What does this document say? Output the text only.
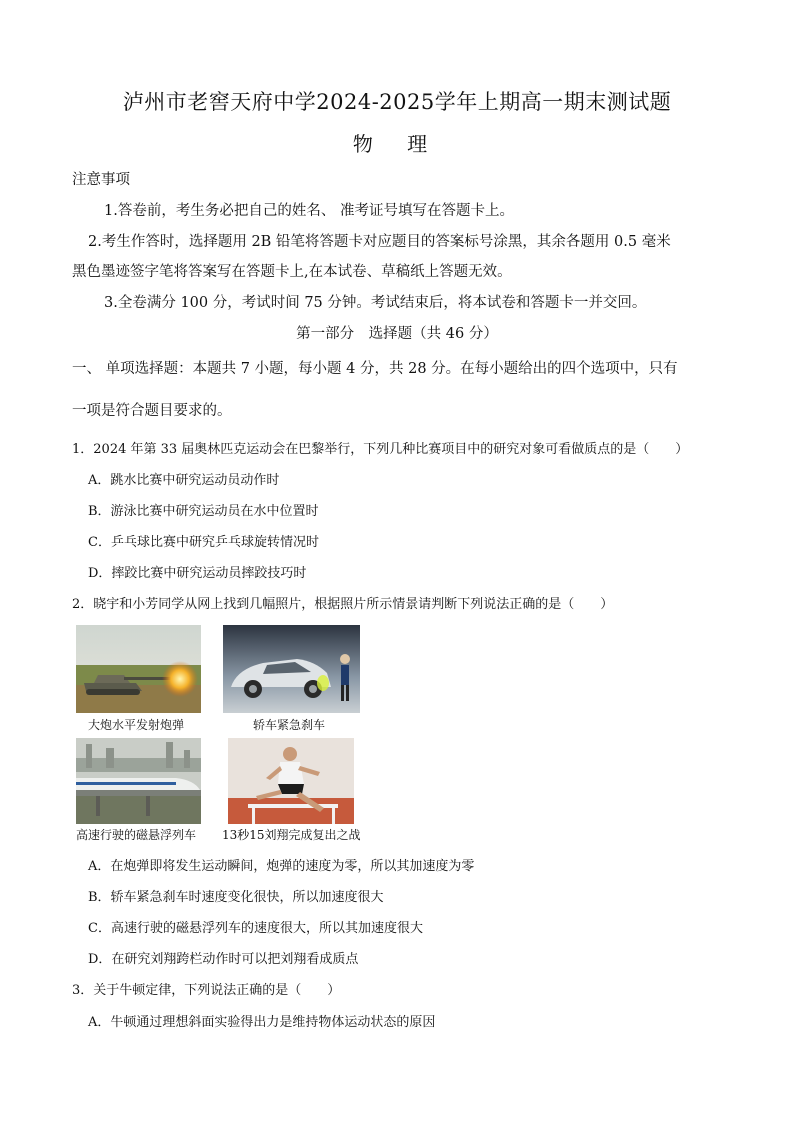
泸州市老窖天府中学2024-2025学年上期高一期末测试题
物 理
注意事项
1.答卷前，考生务必把自己的姓名、 准考证号填写在答题卡上。
2.考生作答时，选择题用 2B 铅笔将答题卡对应题目的答案标号涂黑，其余各题用 0.5 毫米
黑色墨迹签字笔将答案写在答题卡上,在本试卷、草稿纸上答题无效。
3.全卷满分 100 分，考试时间 75 分钟。考试结束后，将本试卷和答题卡一并交回。
第一部分　选择题（共 46 分）
一、 单项选择题：本题共 7 小题，每小题 4 分，共 28 分。在每小题给出的四个选项中，只有
一项是符合题目要求的。
1．2024 年第 33 届奥林匹克运动会在巴黎举行，下列几种比赛项目中的研究对象可看做质点的是（　　）
A．跳水比赛中研究运动员动作时
B．游泳比赛中研究运动员在水中位置时
C．乒乓球比赛中研究乒乓球旋转情况时
D．摔跤比赛中研究运动员摔跤技巧时
2．晓宇和小芳同学从网上找到几幅照片，根据照片所示情景请判断下列说法正确的是（　　）
大炮水平发射炮弹	轿车紧急刹车
高速行驶的磁悬浮列车 13秒15刘翔完成复出之战
A．在炮弹即将发生运动瞬间，炮弹的速度为零，所以其加速度为零
B．轿车紧急刹车时速度变化很快，所以加速度很大
C．高速行驶的磁悬浮列车的速度很大，所以其加速度很大
D．在研究刘翔跨栏动作时可以把刘翔看成质点
3．关于牛顿定律，下列说法正确的是（　　）
A．牛顿通过理想斜面实验得出力是维持物体运动状态的原因
